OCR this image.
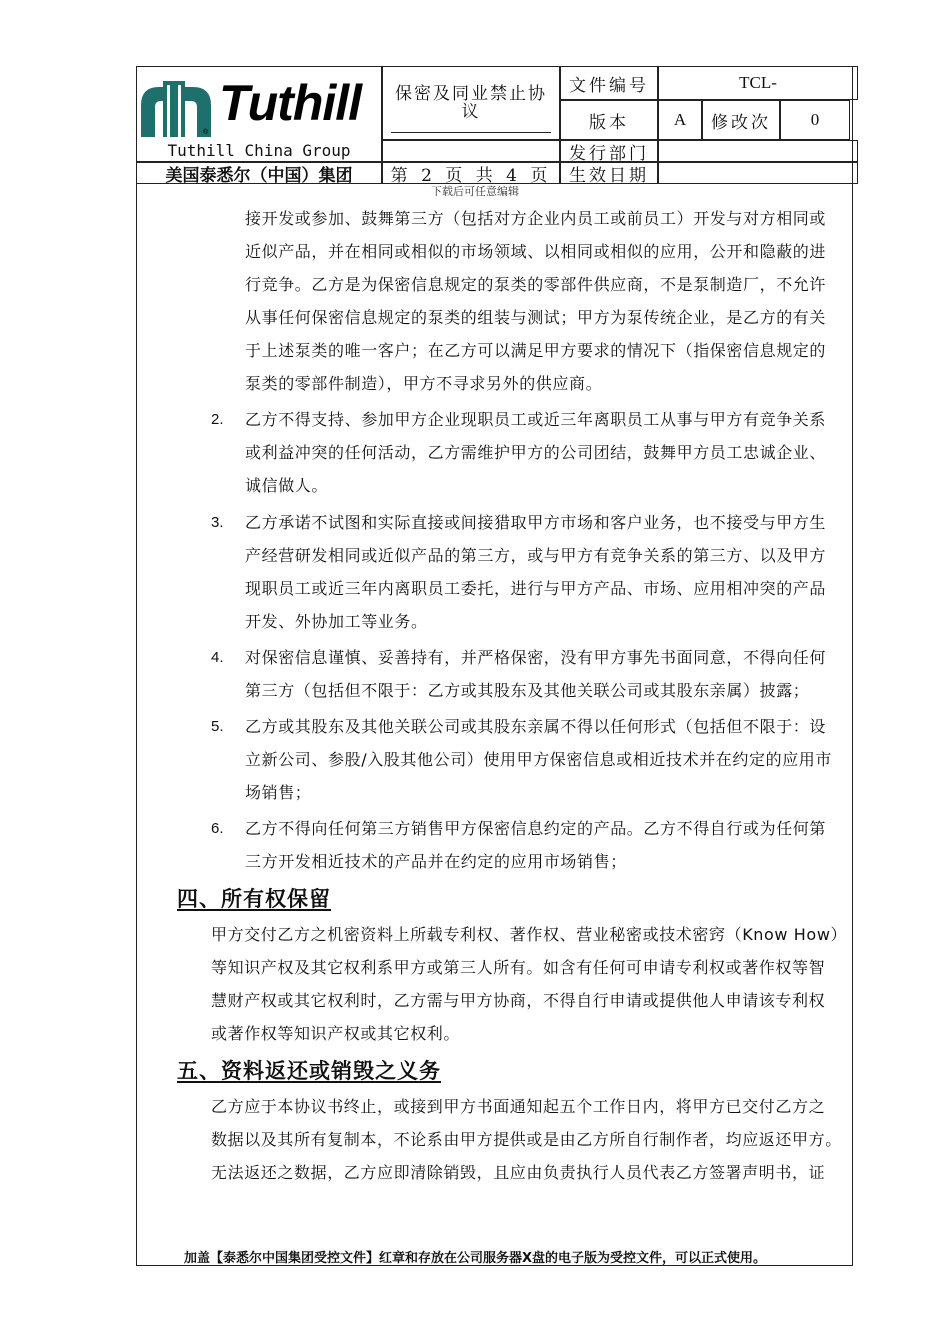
Tuthill
®
Tuthill China Group
美国泰悉尔（中国）集团
保密及同业禁止协
议
第 2 页 共 4 页
文件编号	TCL-
版本	A 修改次 0
发行部门
生效日期
下载后可任意编辑
接开发或参加、鼓舞第三方（包括对方企业内员工或前员工）开发与对方相同或
近似产品，并在相同或相似的市场领域、以相同或相似的应用，公开和隐蔽的进
行竞争。乙方是为保密信息规定的泵类的零部件供应商，不是泵制造厂，不允许
从事任何保密信息规定的泵类的组装与测试；甲方为泵传统企业，是乙方的有关
于上述泵类的唯一客户；在乙方可以满足甲方要求的情况下（指保密信息规定的
泵类的零部件制造），甲方不寻求另外的供应商。
2.	乙方不得支持、参加甲方企业现职员工或近三年离职员工从事与甲方有竞争关系
或利益冲突的任何活动，乙方需维护甲方的公司团结，鼓舞甲方员工忠诚企业、
诚信做人。
3.	乙方承诺不试图和实际直接或间接猎取甲方市场和客户业务，也不接受与甲方生
产经营研发相同或近似产品的第三方，或与甲方有竞争关系的第三方、以及甲方
现职员工或近三年内离职员工委托，进行与甲方产品、市场、应用相冲突的产品
开发、外协加工等业务。
4.	对保密信息谨慎、妥善持有，并严格保密，没有甲方事先书面同意，不得向任何
第三方（包括但不限于：乙方或其股东及其他关联公司或其股东亲属）披露；
5.	乙方或其股东及其他关联公司或其股东亲属不得以任何形式（包括但不限于：设
立新公司、参股/入股其他公司）使用甲方保密信息或相近技术并在约定的应用市
场销售；
6.	乙方不得向任何第三方销售甲方保密信息约定的产品。乙方不得自行或为任何第
三方开发相近技术的产品并在约定的应用市场销售；
四、所有权保留
甲方交付乙方之机密资料上所载专利权、著作权、营业秘密或技术密窍（Know How）
等知识产权及其它权利系甲方或第三人所有。如含有任何可申请专利权或著作权等智
慧财产权或其它权利时，乙方需与甲方协商，不得自行申请或提供他人申请该专利权
或著作权等知识产权或其它权利。
五、资料返还或销毁之义务
乙方应于本协议书终止，或接到甲方书面通知起五个工作日内，将甲方已交付乙方之
数据以及其所有复制本，不论系由甲方提供或是由乙方所自行制作者，均应返还甲方。
无法返还之数据，乙方应即清除销毁，且应由负责执行人员代表乙方签署声明书，证
加盖【泰悉尔中国集团受控文件】红章和存放在公司服务器X盘的电子版为受控文件，可以正式使用。
